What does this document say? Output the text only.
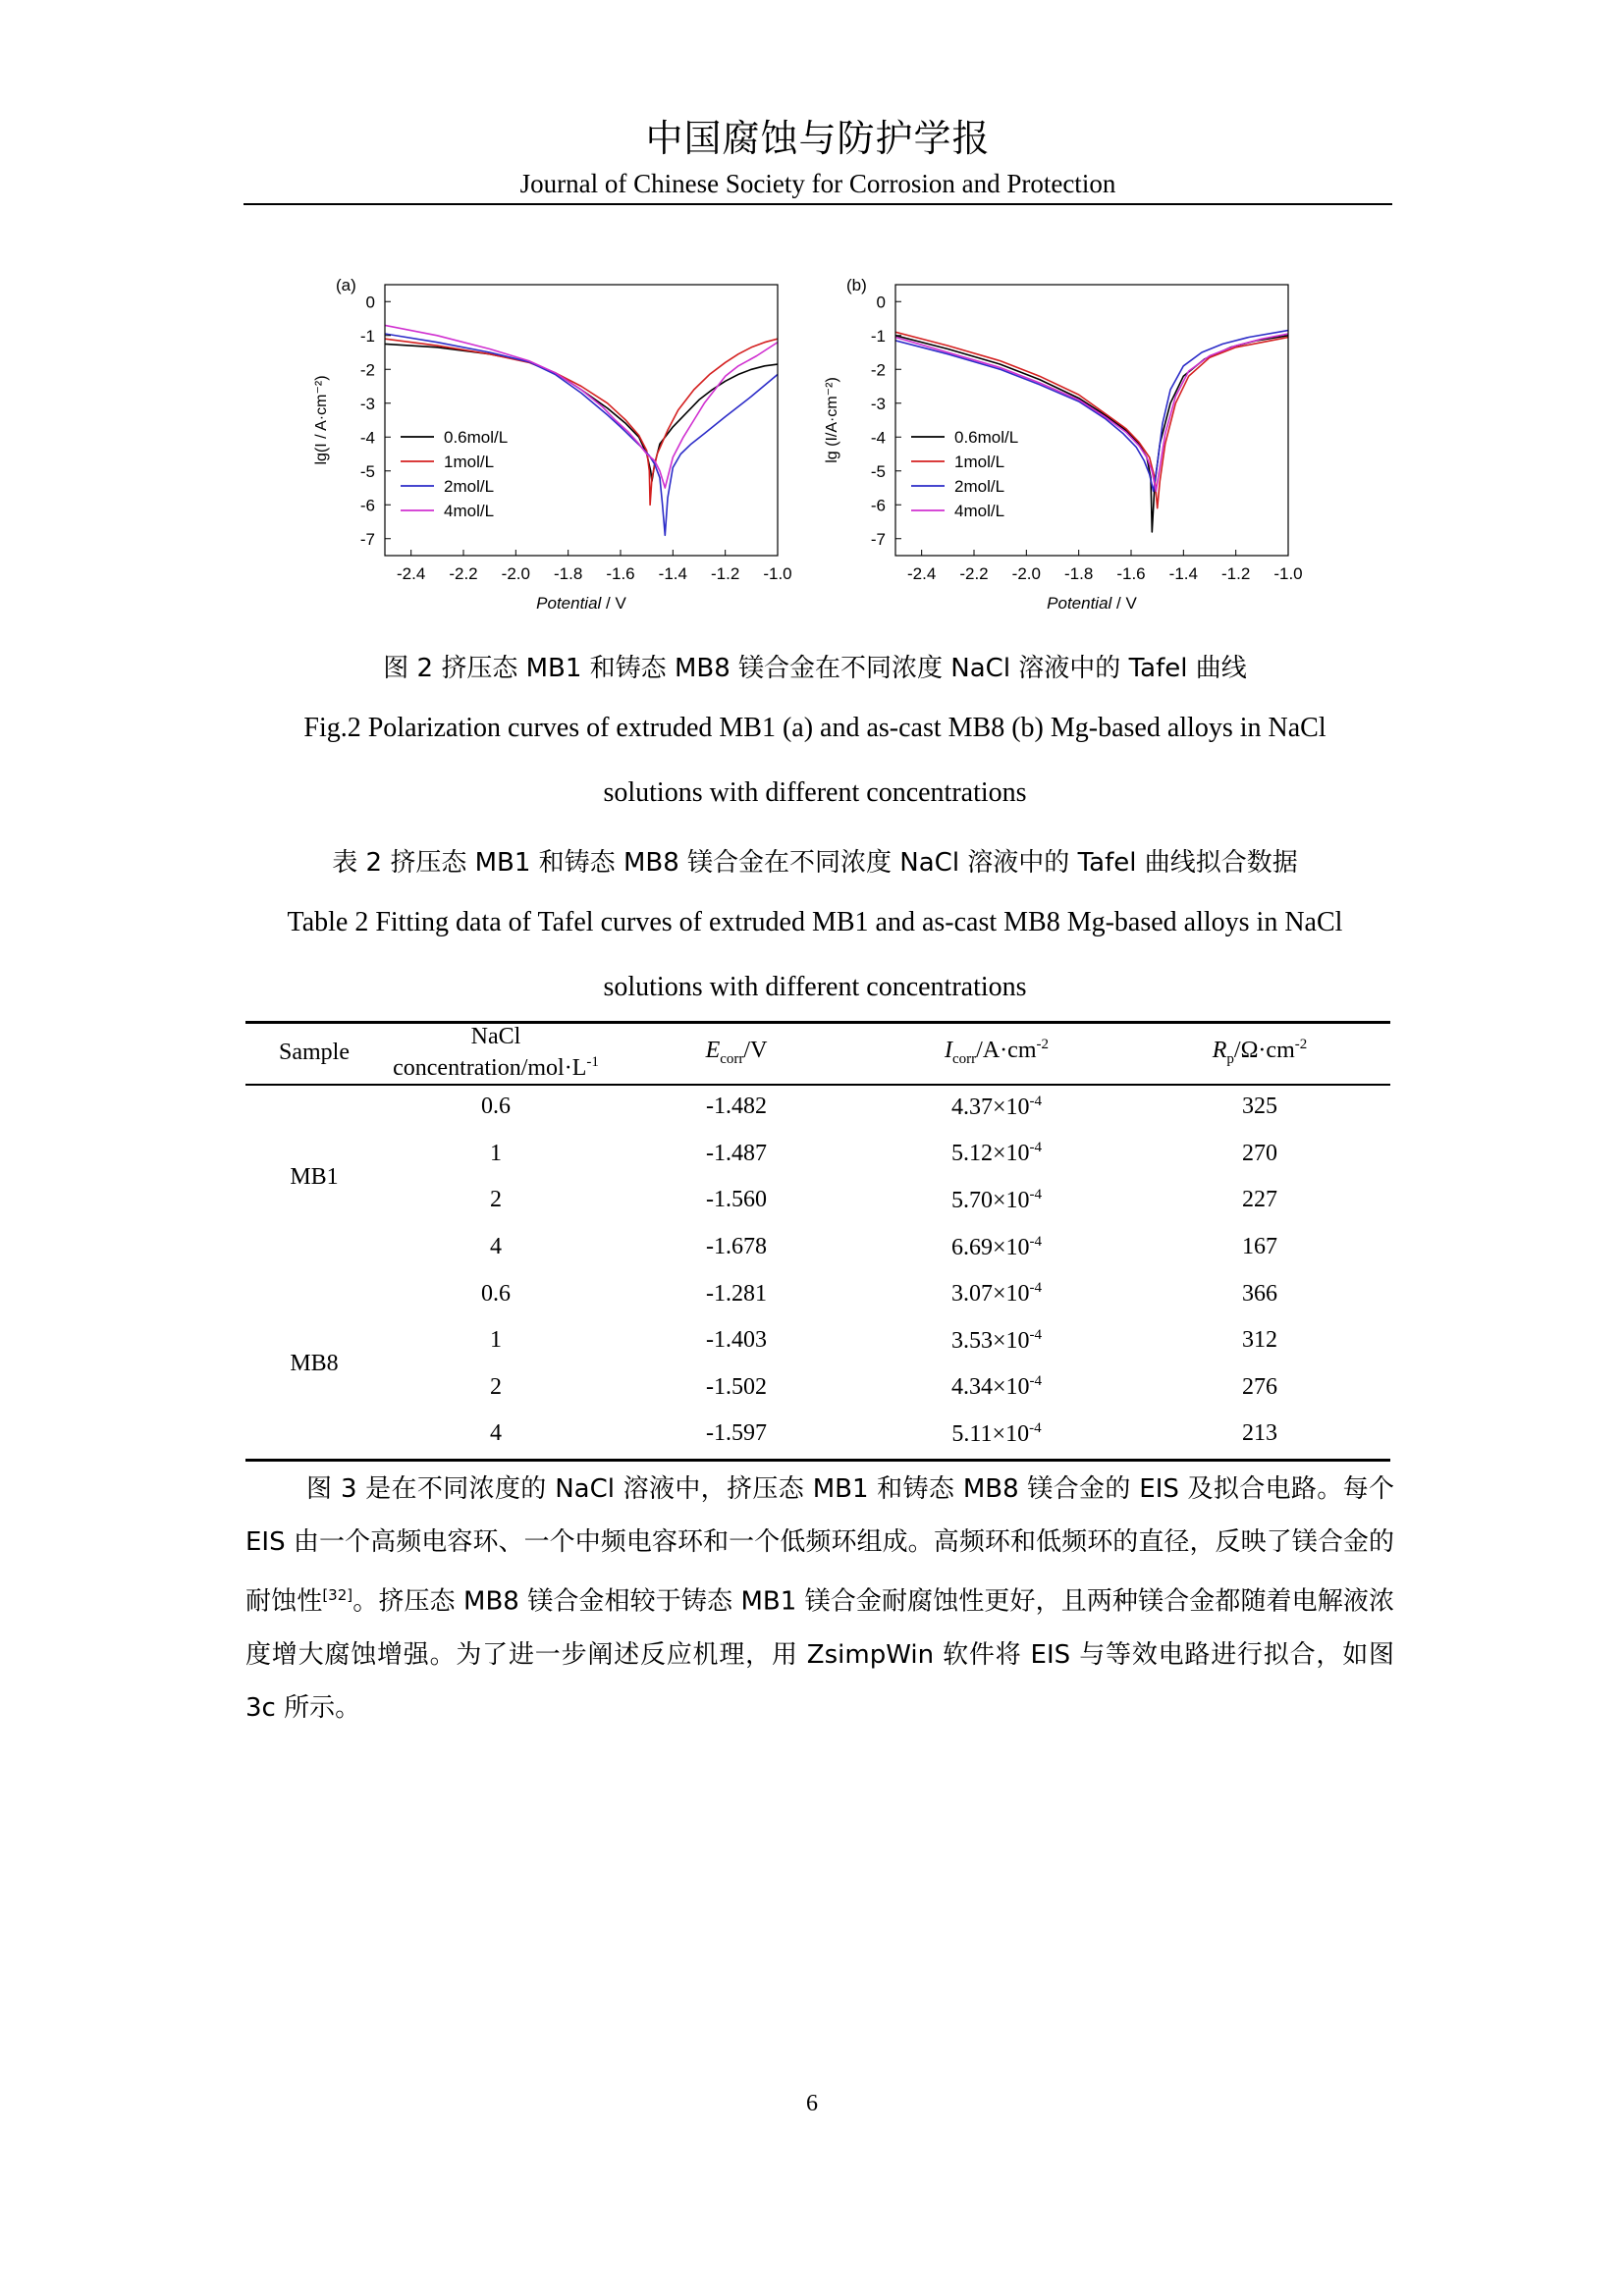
中国腐蚀与防护学报
Journal of Chinese Society for Corrosion and Protection
-2.4 -2.2 -2.0 -1.8 -1.6 -1.4 -1.2 -1.0
0
-1
-2
-3
-4
-5
-6
-7
(a)
Potential / V
lg(I / A·cm⁻²)	0.6mol/L
1mol/L
2mol/L
4mol/L
-2.4 -2.2 -2.0 -1.8 -1.6 -1.4 -1.2 -1.0
0
-1
-2
-3
-4
-5
-6
-7
(b)
Potential / V
lg (I/A·cm⁻²)	0.6mol/L
1mol/L
2mol/L
4mol/L
图 2 挤压态 MB1 和铸态 MB8 镁合金在不同浓度 NaCl 溶液中的 Tafel 曲线
Fig.2 Polarization curves of extruded MB1 (a) and as-cast MB8 (b) Mg-based alloys in NaCl
solutions with different concentrations
表 2 挤压态 MB1 和铸态 MB8 镁合金在不同浓度 NaCl 溶液中的 Tafel 曲线拟合数据
Table 2 Fitting data of Tafel curves of extruded MB1 and as-cast MB8 Mg-based alloys in NaCl
solutions with different concentrations
Sample	NaCl
concentration/$mol\cdot L^{-1}$	$E_{corr}/V$	$I_{corr}/A\cdot cm^{-2}$	$R_p/\Omega\cdot cm^{-2}$
MB1	0.6	-1.482	$4.37\times 10^{-4}$	325
	1	-1.487	$5.12\times 10^{-4}$	270
	2	-1.560	$5.70\times 10^{-4}$	227
	4	-1.678	$6.69\times 10^{-4}$	167
MB8	0.6	-1.281	$3.07\times 10^{-4}$	366
	1	-1.403	$3.53\times 10^{-4}$	312
	2	-1.502	$4.34\times 10^{-4}$	276
	4	-1.597	$5.11\times 10^{-4}$	213

图 3 是在不同浓度的 NaCl 溶液中，挤压态 MB1 和铸态 MB8 镁合金的 EIS 及拟合电路。每个 EIS 由一个高频电容环、一个中频电容环和一个低频环组成。高频环和低频环的直径，反映了镁合金的耐蚀性[32]。挤压态 MB8 镁合金相较于铸态 MB1 镁合金耐腐蚀性更好，且两种镁合金都随着电解液浓度增大腐蚀增强。为了进一步阐述反应机理，用 ZsimpWin 软件将 EIS 与等效电路进行拟合，如图 3c 所示。

6
